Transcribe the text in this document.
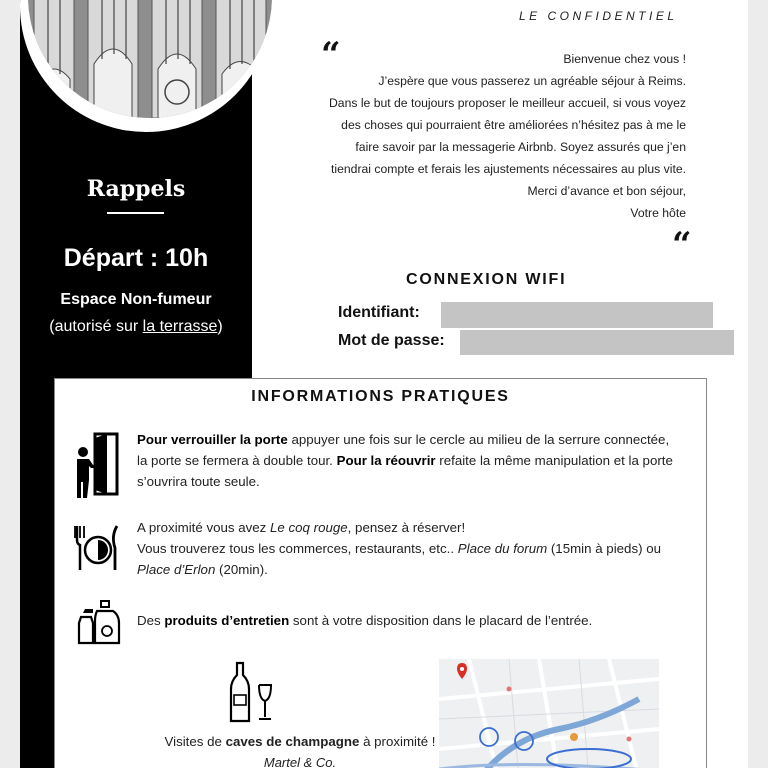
Rappels
Départ : 10h
Espace Non-fumeur
(autorisé sur la terrasse)
LE CONFIDENTIEL
“	Bienvenue chez vous !
J’espère que vous passerez un agréable séjour à Reims.
Dans le but de toujours proposer le meilleur accueil, si vous voyez
des choses qui pourraient être améliorées n’hésitez pas à me le
faire savoir par la messagerie Airbnb. Soyez assurés que j’en
tiendrai compte et ferais les ajustements nécessaires au plus vite.
Merci d’avance et bon séjour,
Votre hôte
“
CONNEXION WIFI
Identifiant:
Mot de passe:
INFORMATIONS PRATIQUES
Pour verrouiller la porte appuyer une fois sur le cercle au milieu de la serrure connectée, la porte se fermera à double tour. Pour la réouvrir refaite la même manipulation et la porte s’ouvrira toute seule.
A proximité vous avez Le coq rouge, pensez à réserver!
Vous trouverez tous les commerces, restaurants, etc.. Place du forum (15min à pieds) ou Place d’Erlon (20min).
Des produits d’entretien sont à votre disposition dans le placard de l’entrée.
Visites de caves de champagne à proximité !
Martel & Co.
